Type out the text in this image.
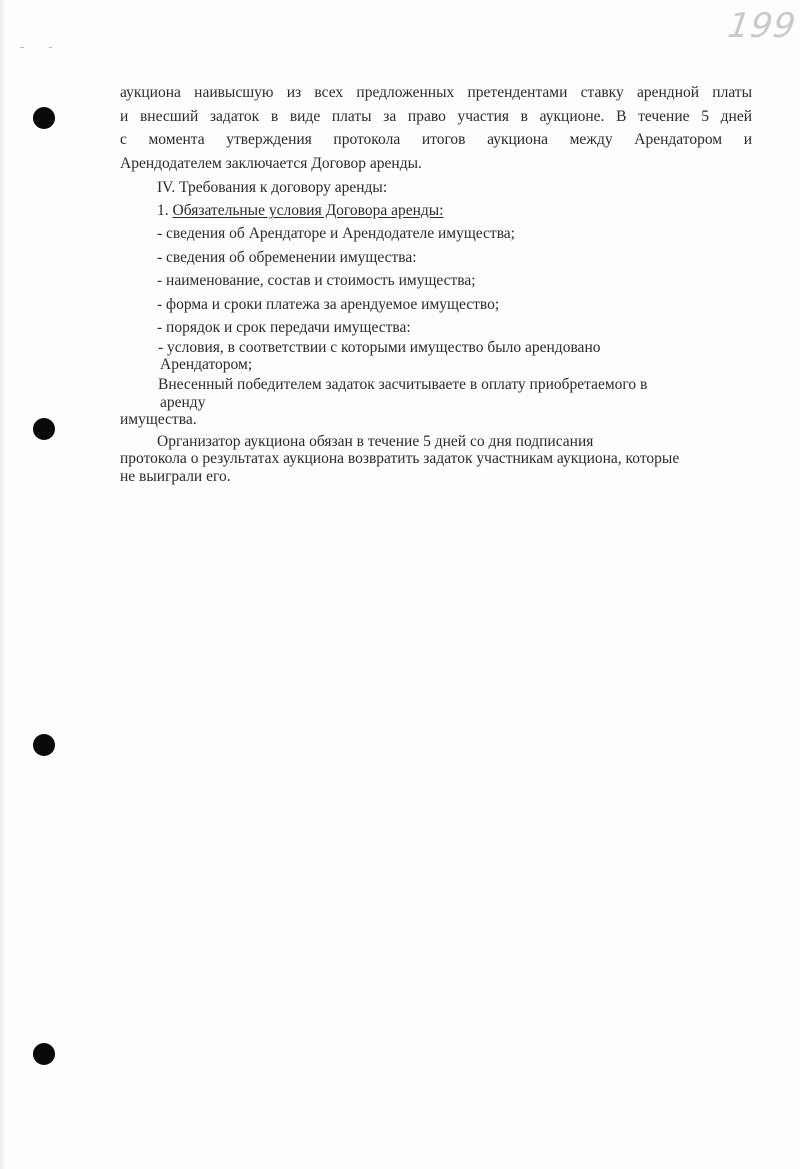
199
аукциона наивысшую из всех предложенных претендентами ставку арендной платы
и внесший задаток в виде платы за право участия в аукционе. В течение 5 дней
с момента утверждения протокола итогов аукциона между Арендатором и
Арендодателем заключается Договор аренды.
IV. Требования к договору аренды:
1. Обязательные условия Договора аренды:
- сведения об Арендаторе и Арендодателе имущества;
- сведения об обременении имущества:
- наименование, состав и стоимость имущества;
- форма и сроки платежа за арендуемое имущество;
- порядок и срок передачи имущества:
- условия, в соответствии с которыми имущество было арендовано
Арендатором;
Внесенный победителем задаток засчитываете в оплату приобретаемого в
аренду
имущества.
Организатор аукциона обязан в течение 5 дней со дня подписания
протокола о результатах аукциона возвратить задаток участникам аукциона, которые
не выиграли его.
